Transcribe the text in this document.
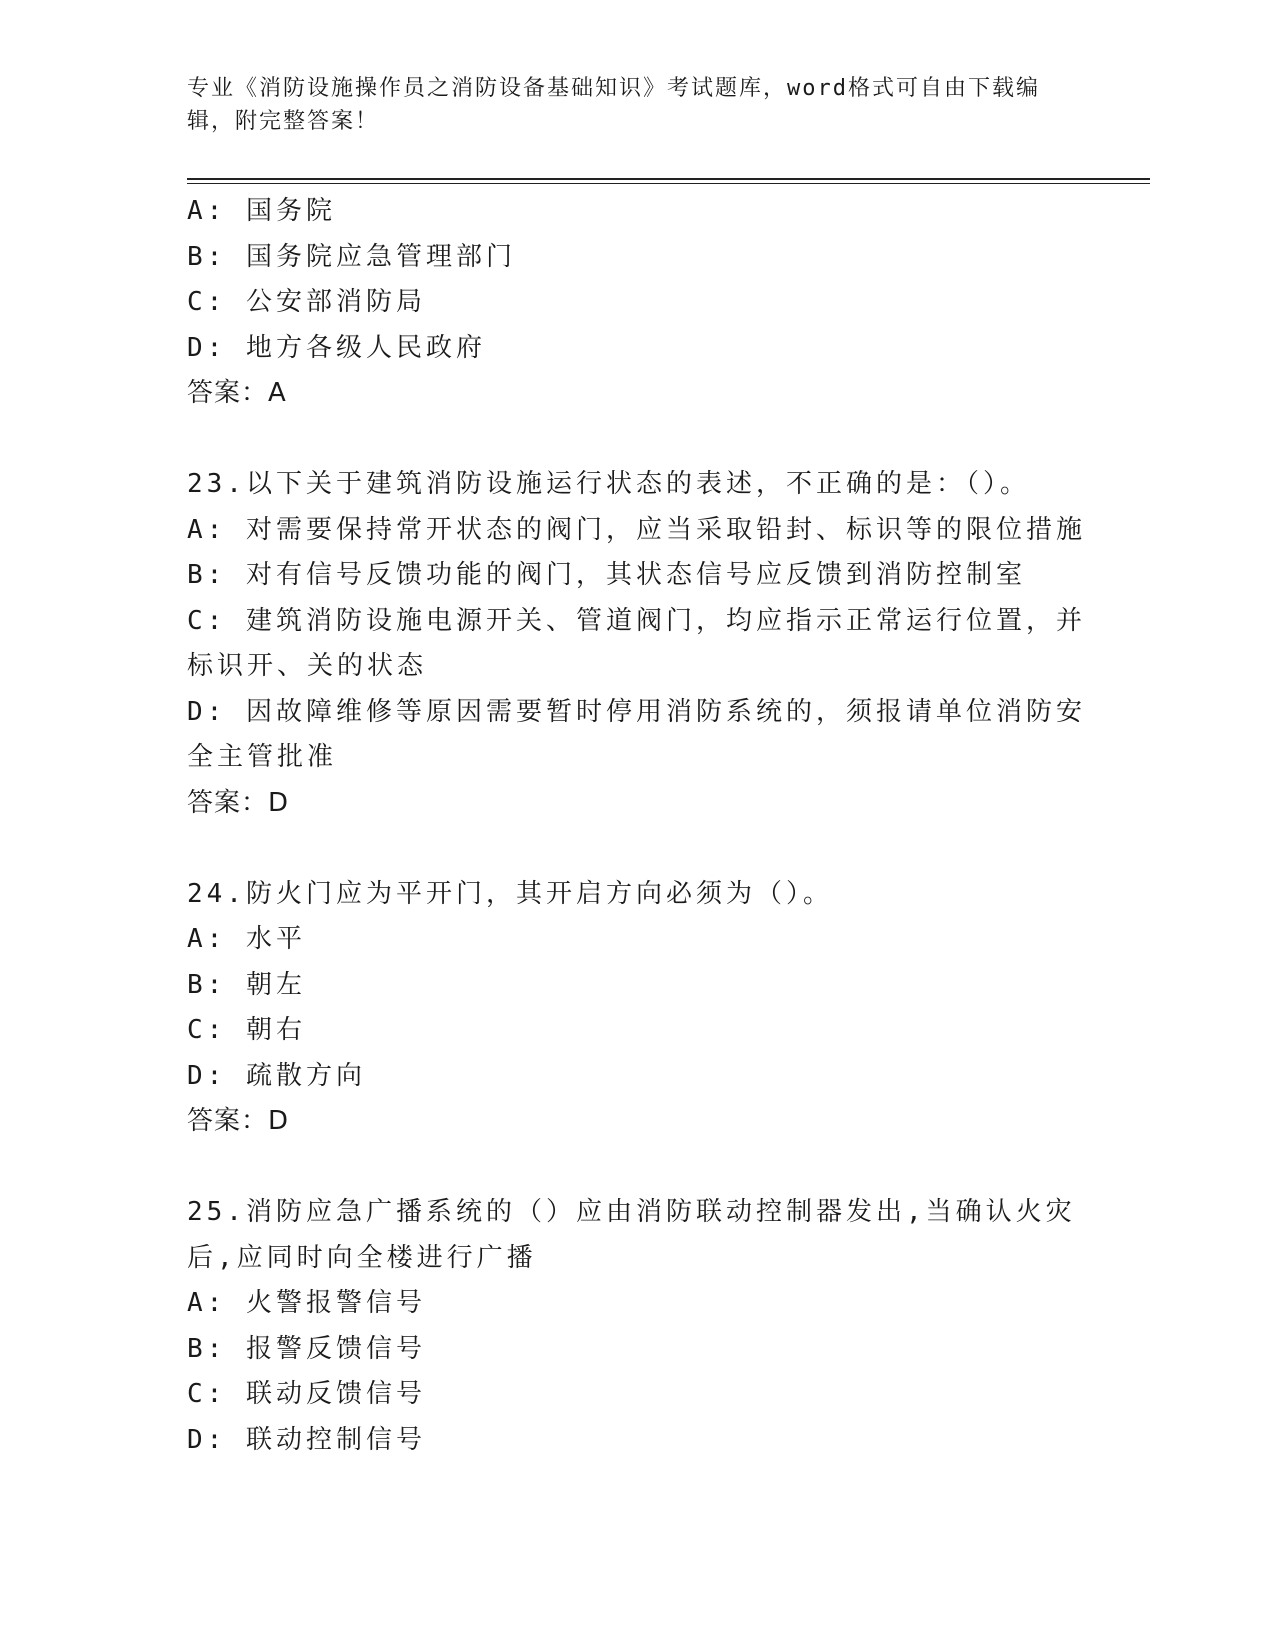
专业《消防设施操作员之消防设备基础知识》考试题库，word格式可自由下载编辑，附完整答案！
A: 国务院
B: 国务院应急管理部门
C: 公安部消防局
D: 地方各级人民政府
答案：A
23.以下关于建筑消防设施运行状态的表述，不正确的是：（）。
A: 对需要保持常开状态的阀门，应当采取铅封、标识等的限位措施
B: 对有信号反馈功能的阀门，其状态信号应反馈到消防控制室
C: 建筑消防设施电源开关、管道阀门，均应指示正常运行位置，并标识开、关的状态
D: 因故障维修等原因需要暂时停用消防系统的，须报请单位消防安全主管批准
答案：D
24.防火门应为平开门，其开启方向必须为（）。
A: 水平
B: 朝左
C: 朝右
D: 疏散方向
答案：D
25.消防应急广播系统的（）应由消防联动控制器发出,当确认火灾后,应同时向全楼进行广播
A: 火警报警信号
B: 报警反馈信号
C: 联动反馈信号
D: 联动控制信号
